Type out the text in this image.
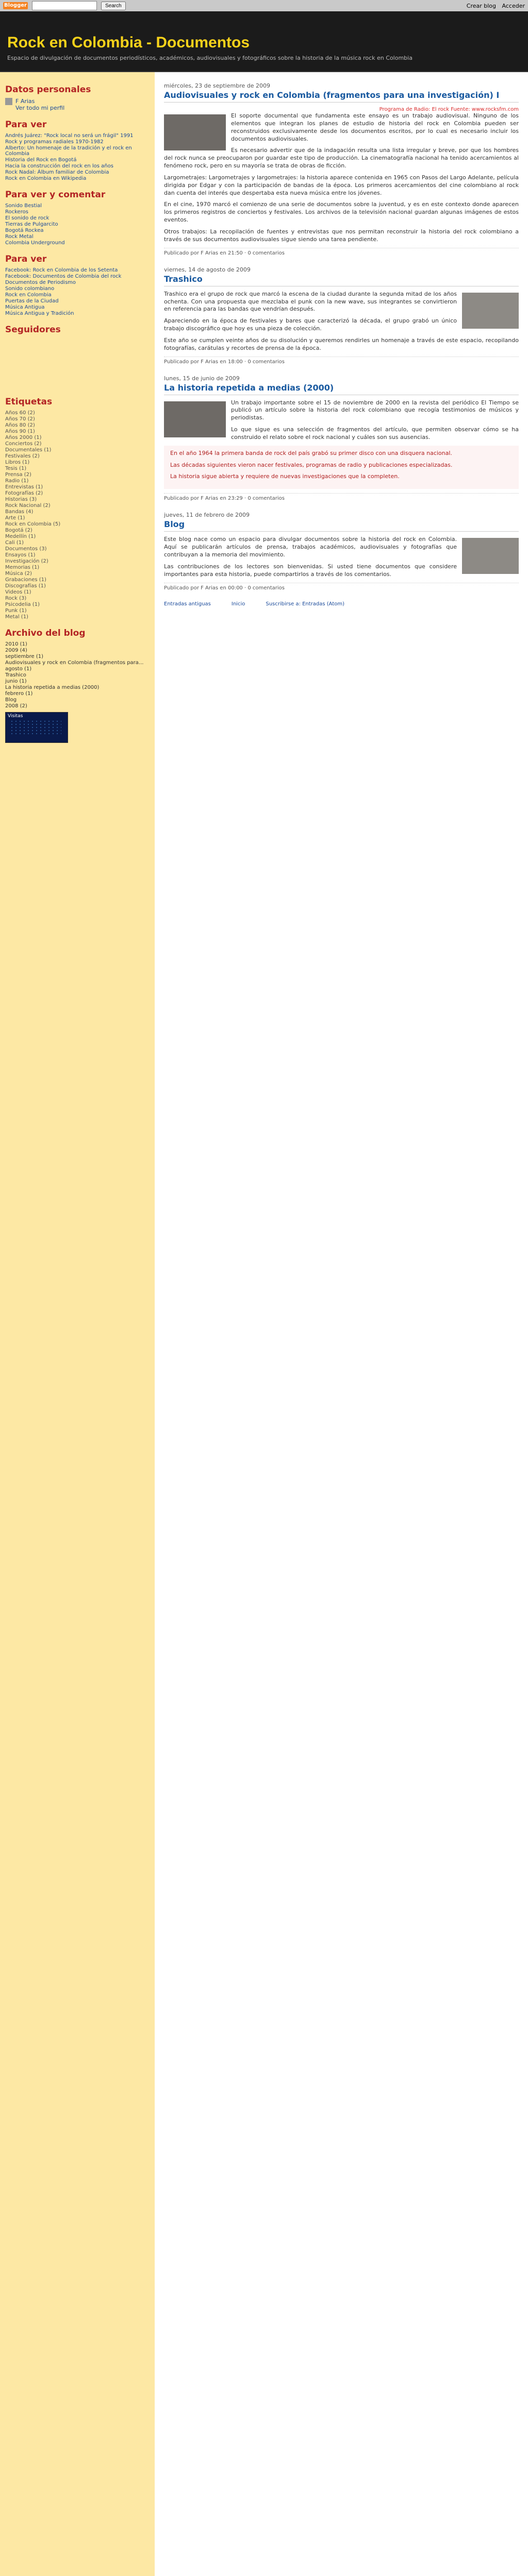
Blogger	Search	Crear blog Acceder
Rock en Colombia - Documentos
Espacio de divulgación de documentos periodísticos, académicos, audiovisuales y fotográficos sobre la historia de la música rock en Colombia
Datos personales
F Arias
Ver todo mi perfil
Para ver
Andrés Juárez: "Rock local no será un frágil" 1991
Rock y programas radiales 1970-1982
Alberto: Un homenaje de la tradición y el rock en Colombia
Historia del Rock en Bogotá
Hacia la construcción del rock en los años
Rock Nadal: Álbum familiar de Colombia
Rock en Colombia en Wikipedia
Para ver y comentar
Sonido Bestial
Rockeros
El sonido de rock
Tierras de Pulgarcito
Bogotá Rockea
Rock Metal
Colombia Underground
Para ver
Facebook: Rock en Colombia de los Setenta
Facebook: Documentos de Colombia del rock
Documentos de Periodismo
Sonido colombiano
Rock en Colombia
Puertas de la Ciudad
Música Antigua
Música Antigua y Tradición
Seguidores
Etiquetas
Años 60 (2)
Años 70 (2)
Años 80 (2)
Años 90 (1)
Años 2000 (1)
Conciertos (2)
Documentales (1)
Festivales (2)
Libros (1)
Tesis (1)
Prensa (2)
Radio (1)
Entrevistas (1)
Fotografías (2)
Historias (3)
Rock Nacional (2)
Bandas (4)
Arte (1)
Rock en Colombia (5)
Bogotá (2)
Medellín (1)
Cali (1)
Documentos (3)
Ensayos (1)
Investigación (2)
Memorias (1)
Música (2)
Grabaciones (1)
Discografías (1)
Videos (1)
Rock (3)
Psicodelia (1)
Punk (1)
Metal (1)
Archivo del blog
2010 (1)
2009 (4)
septiembre (1)
Audiovisuales y rock en Colombia (fragmentos para...
agosto (1)
Trashico
junio (1)
La historia repetida a medias (2000)
febrero (1)
Blog
2008 (2)
Visitas
miércoles, 23 de septiembre de 2009
Audiovisuales y rock en Colombia (fragmentos para una investigación) I
Programa de Radio: El rock Fuente: www.rocksfm.com

El soporte documental que fundamenta este ensayo es un trabajo audiovisual. Ninguno de los elementos que integran los planes de estudio de historia del rock en Colombia pueden ser reconstruidos exclusivamente desde los documentos escritos, por lo cual es necesario incluir los documentos audiovisuales.

Es necesario advertir que de la indagación resulta una lista irregular y breve, por que los hombres del rock nunca se preocuparon por guardar este tipo de producción. La cinematografía nacional ha tenido acercamientos al fenómeno rock, pero en su mayoría se trata de obras de ficción.

Largometrajes: Largometrajes y largometrajes: la historia aparece contenida en 1965 con Pasos del Largo Adelante, película dirigida por Edgar y con la participación de bandas de la época. Los primeros acercamientos del cine colombiano al rock dan cuenta del interés que despertaba esta nueva música entre los jóvenes.

En el cine, 1970 marcó el comienzo de una serie de documentos sobre la juventud, y es en este contexto donde aparecen los primeros registros de conciertos y festivales. Los archivos de la televisión nacional guardan algunas imágenes de estos eventos.

Otros trabajos: La recopilación de fuentes y entrevistas que nos permitan reconstruir la historia del rock colombiano a través de sus documentos audiovisuales sigue siendo una tarea pendiente.

Publicado por F Arias en 21:50 · 0 comentarios
viernes, 14 de agosto de 2009
Trashico

Trashico era el grupo de rock que marcó la escena de la ciudad durante la segunda mitad de los años ochenta. Con una propuesta que mezclaba el punk con la new wave, sus integrantes se convirtieron en referencia para las bandas que vendrían después.

Apareciendo en la época de festivales y bares que caracterizó la década, el grupo grabó un único trabajo discográfico que hoy es una pieza de colección.

Este año se cumplen veinte años de su disolución y queremos rendirles un homenaje a través de este espacio, recopilando fotografías, carátulas y recortes de prensa de la época.

Publicado por F Arias en 18:00 · 0 comentarios
lunes, 15 de junio de 2009
La historia repetida a medias (2000)

Un trabajo importante sobre el 15 de noviembre de 2000 en la revista del periódico El Tiempo se publicó un artículo sobre la historia del rock colombiano que recogía testimonios de músicos y periodistas.

Lo que sigue es una selección de fragmentos del artículo, que permiten observar cómo se ha construido el relato sobre el rock nacional y cuáles son sus ausencias.

En el año 1964 la primera banda de rock del país grabó su primer disco con una disquera nacional.

Las décadas siguientes vieron nacer festivales, programas de radio y publicaciones especializadas.

La historia sigue abierta y requiere de nuevas investigaciones que la completen.

Publicado por F Arias en 23:29 · 0 comentarios
jueves, 11 de febrero de 2009
Blog

Este blog nace como un espacio para divulgar documentos sobre la historia del rock en Colombia. Aquí se publicarán artículos de prensa, trabajos académicos, audiovisuales y fotografías que contribuyan a la memoria del movimiento.

Las contribuciones de los lectores son bienvenidas. Si usted tiene documentos que considere importantes para esta historia, puede compartirlos a través de los comentarios.

Publicado por F Arias en 00:00 · 0 comentarios
Entradas antiguas	Inicio	Suscribirse a: Entradas (Atom)
